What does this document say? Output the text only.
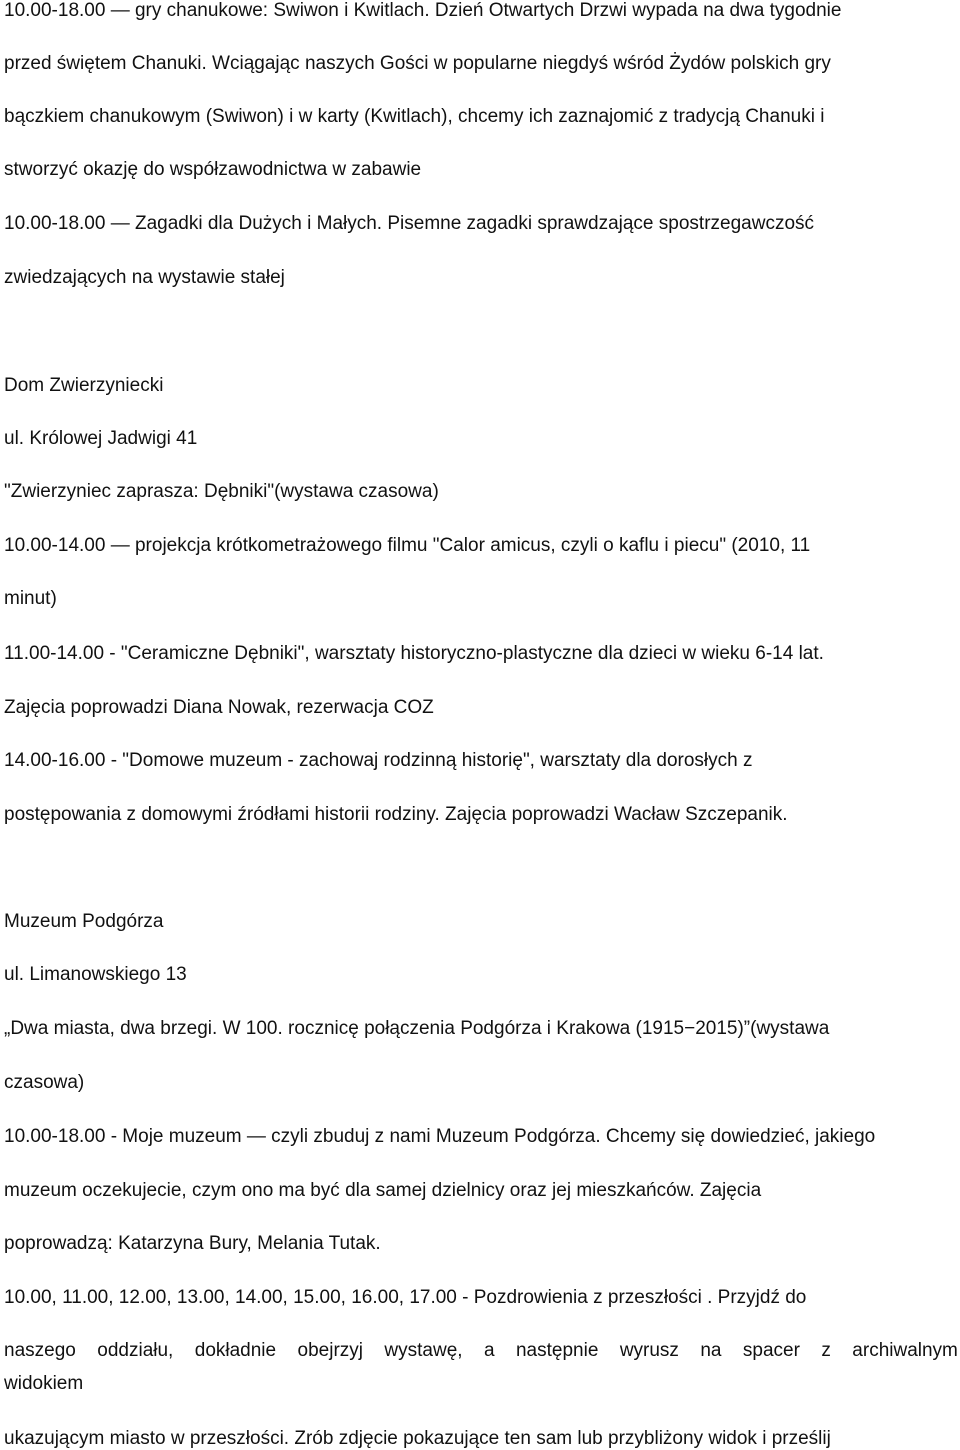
10.00-18.00 — gry chanukowe: Swiwon i Kwitlach. Dzień Otwartych Drzwi wypada na dwa tygodnie
przed świętem Chanuki. Wciągając naszych Gości w popularne niegdyś wśród Żydów polskich gry
bączkiem chanukowym (Swiwon) i w karty (Kwitlach), chcemy ich zaznajomić z tradycją Chanuki i
stworzyć okazję do współzawodnictwa w zabawie
10.00-18.00 — Zagadki dla Dużych i Małych. Pisemne zagadki sprawdzające spostrzegawczość
zwiedzających na wystawie stałej
Dom Zwierzyniecki
ul. Królowej Jadwigi 41
"Zwierzyniec zaprasza: Dębniki"(wystawa czasowa)
10.00-14.00 — projekcja krótkometrażowego filmu "Calor amicus, czyli o kaflu i piecu" (2010, 11
minut)
11.00-14.00 - "Ceramiczne Dębniki", warsztaty historyczno-plastyczne dla dzieci w wieku 6-14 lat.
Zajęcia poprowadzi Diana Nowak, rezerwacja COZ
14.00-16.00 - "Domowe muzeum - zachowaj rodzinną historię", warsztaty dla dorosłych z
postępowania z domowymi źródłami historii rodziny. Zajęcia poprowadzi Wacław Szczepanik.
Muzeum Podgórza
ul. Limanowskiego 13
„Dwa miasta, dwa brzegi. W 100. rocznicę połączenia Podgórza i Krakowa (1915−2015)”(wystawa
czasowa)
10.00-18.00 - Moje muzeum — czyli zbuduj z nami Muzeum Podgórza. Chcemy się dowiedzieć, jakiego
muzeum oczekujecie, czym ono ma być dla samej dzielnicy oraz jej mieszkańców. Zajęcia
poprowadzą: Katarzyna Bury, Melania Tutak.
10.00, 11.00, 12.00, 13.00, 14.00, 15.00, 16.00, 17.00 - Pozdrowienia z przeszłości . Przyjdź do
naszego oddziału, dokładnie obejrzyj wystawę, a następnie wyrusz na spacer z archiwalnym
widokiem
ukazującym miasto w przeszłości. Zrób zdjęcie pokazujące ten sam lub przybliżony widok i prześlij
